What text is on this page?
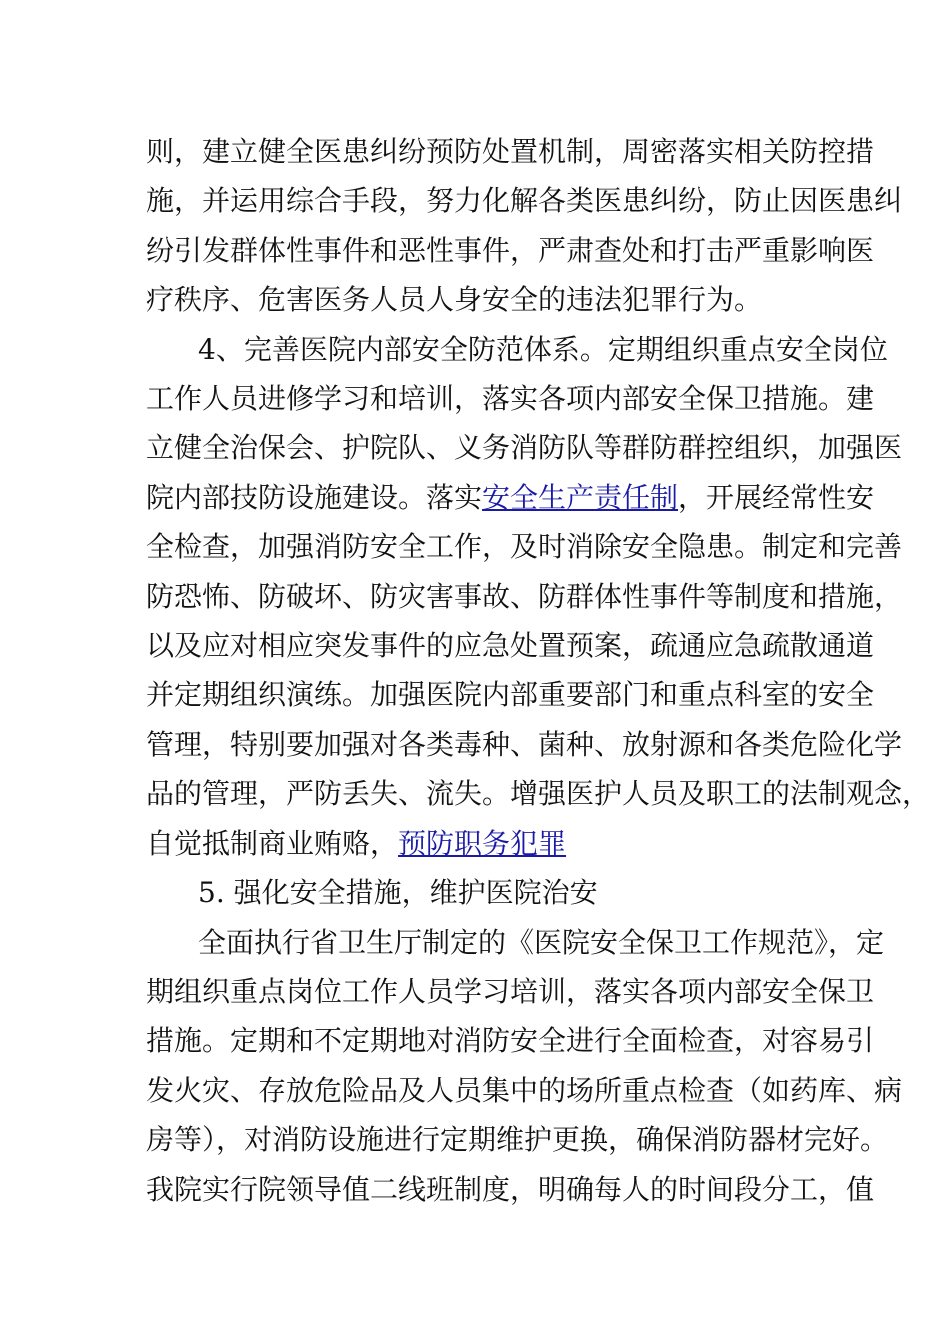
则，建立健全医患纠纷预防处置机制，周密落实相关防控措
施，并运用综合手段，努力化解各类医患纠纷，防止因医患纠
纷引发群体性事件和恶性事件，严肃查处和打击严重影响医
疗秩序、危害医务人员人身安全的违法犯罪行为。
4、完善医院内部安全防范体系。定期组织重点安全岗位
工作人员进修学习和培训，落实各项内部安全保卫措施。建
立健全治保会、护院队、义务消防队等群防群控组织，加强医
院内部技防设施建设。落实安全生产责任制，开展经常性安
全检查，加强消防安全工作，及时消除安全隐患。制定和完善
防恐怖、防破坏、防灾害事故、防群体性事件等制度和措施，
以及应对相应突发事件的应急处置预案，疏通应急疏散通道
并定期组织演练。加强医院内部重要部门和重点科室的安全
管理，特别要加强对各类毒种、菌种、放射源和各类危险化学
品的管理，严防丢失、流失。增强医护人员及职工的法制观念，
自觉抵制商业贿赂，预防职务犯罪
5. 强化安全措施，维护医院治安
全面执行省卫生厅制定的《医院安全保卫工作规范》，定
期组织重点岗位工作人员学习培训，落实各项内部安全保卫
措施。定期和不定期地对消防安全进行全面检查，对容易引
发火灾、存放危险品及人员集中的场所重点检查（如药库、病
房等），对消防设施进行定期维护更换，确保消防器材完好。
我院实行院领导值二线班制度，明确每人的时间段分工，值
